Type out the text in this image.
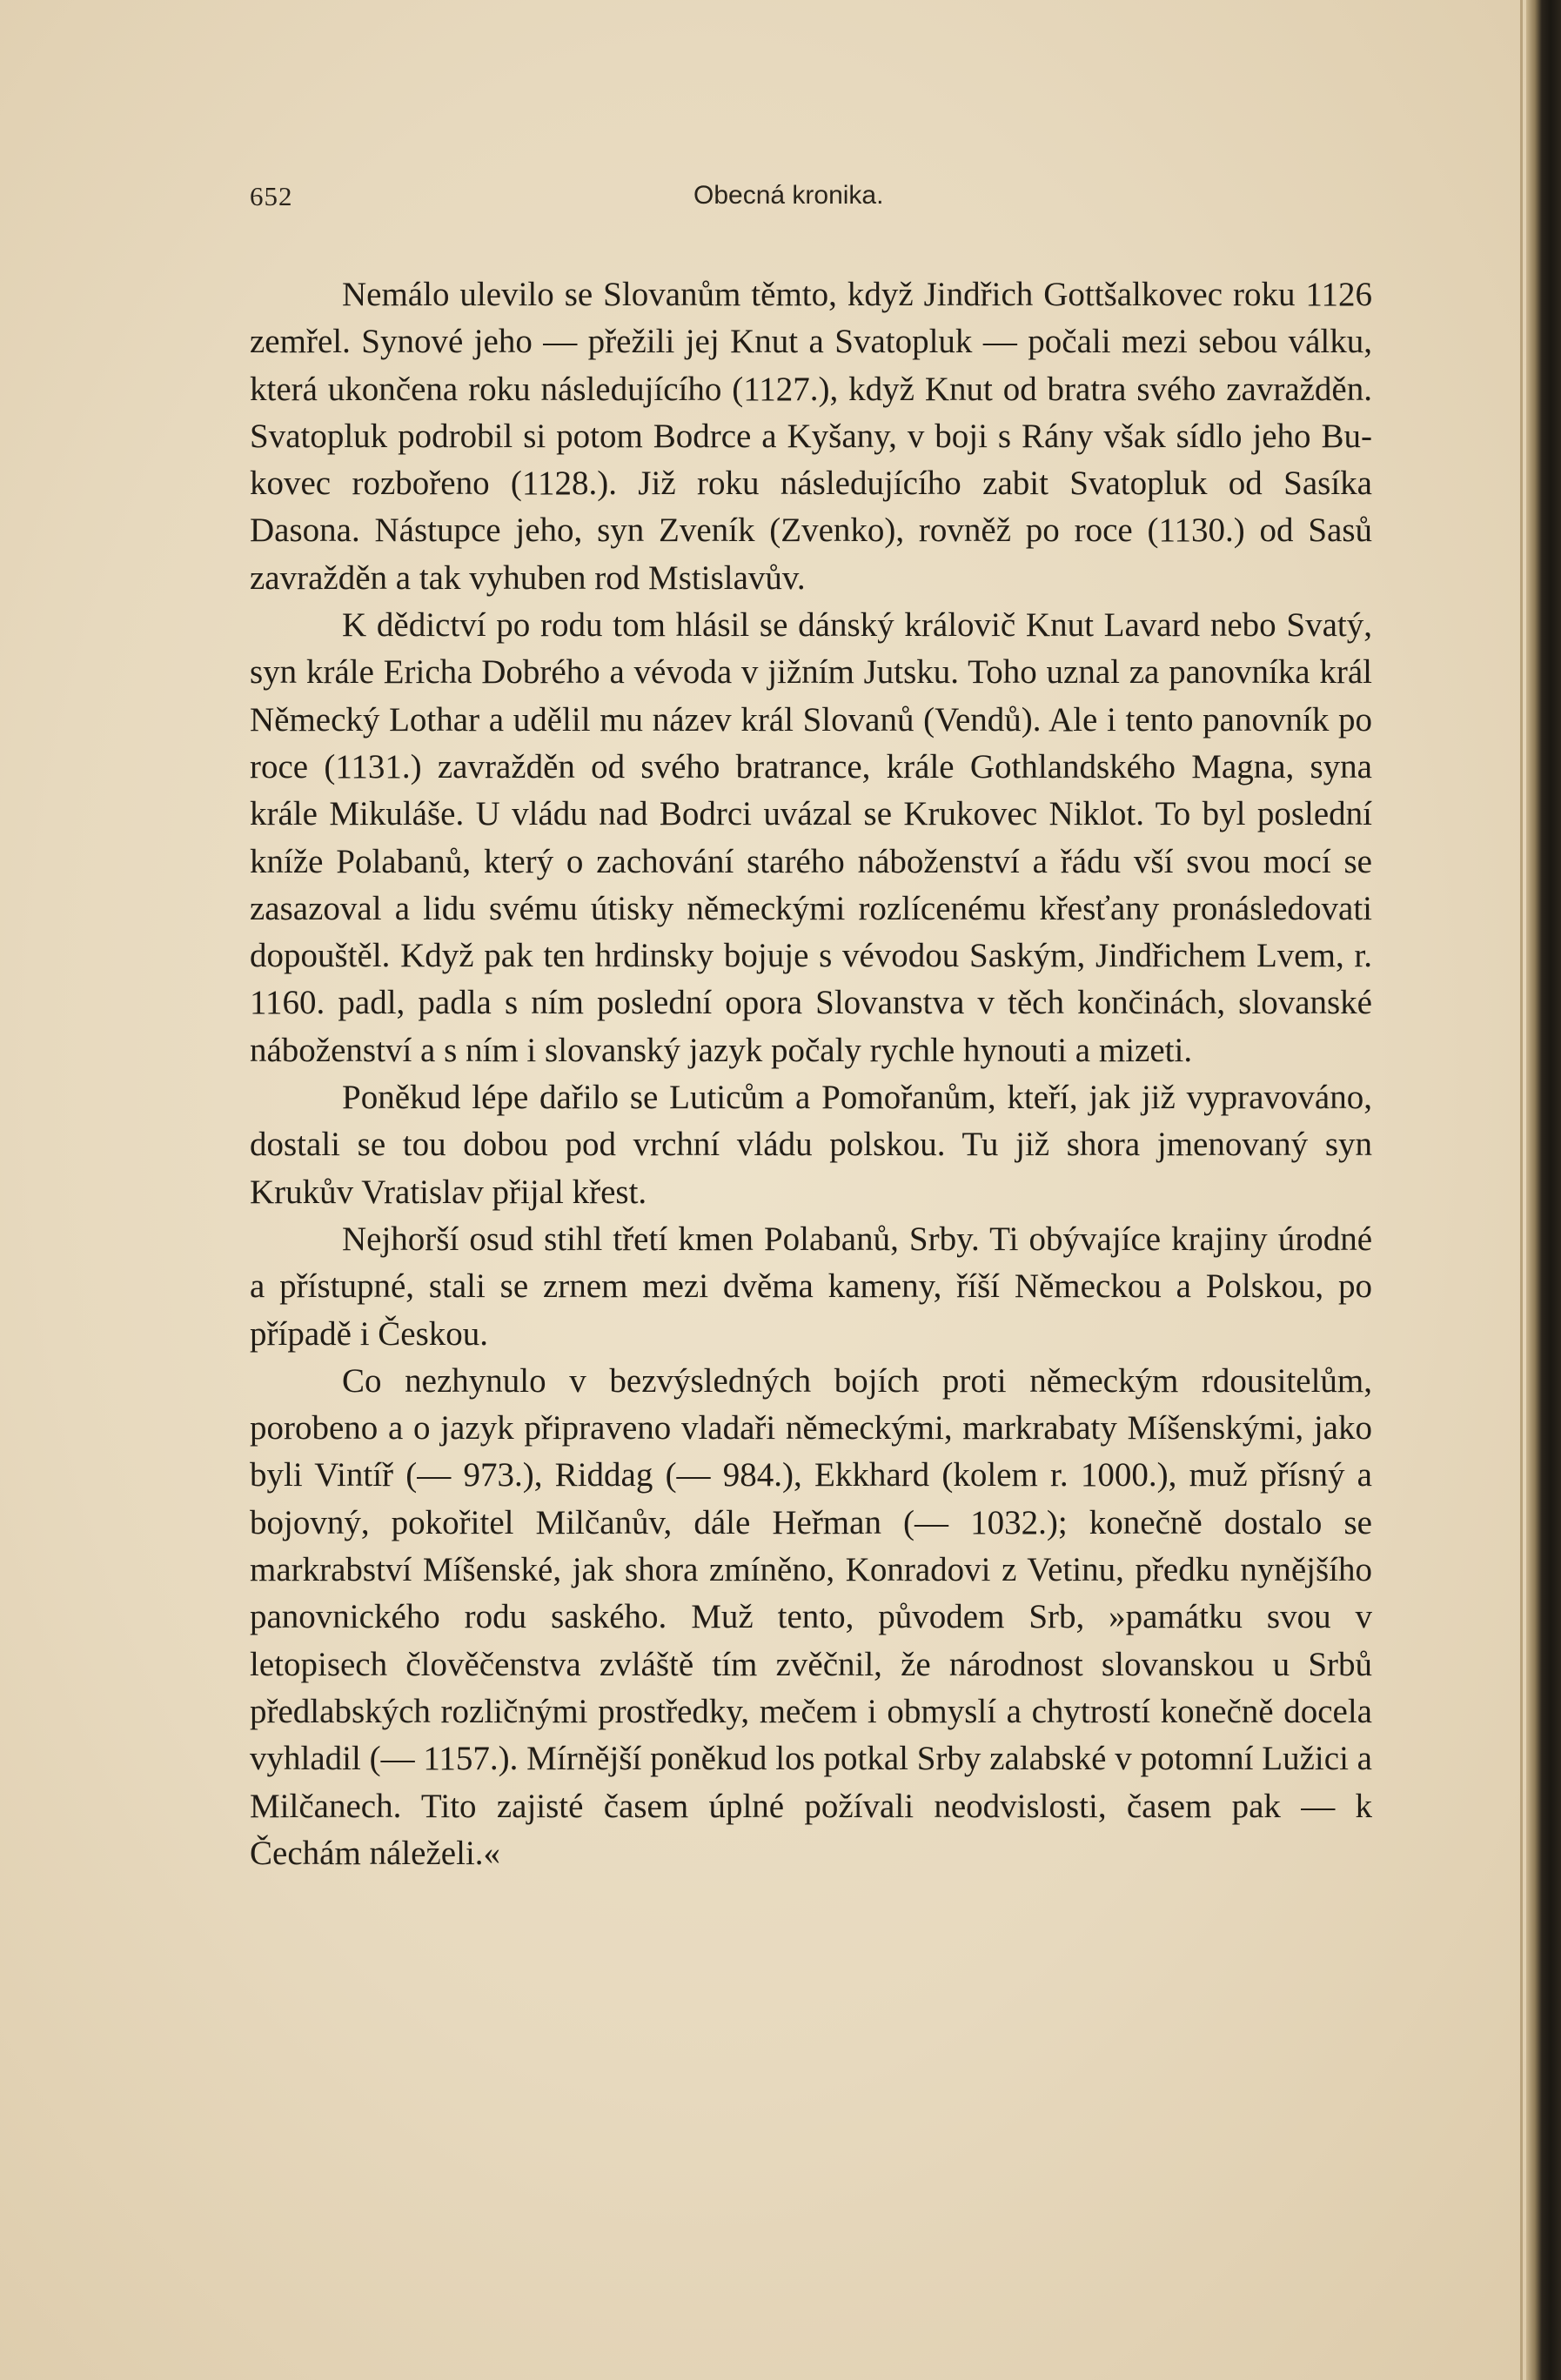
652	Obecná kronika.

Nemálo ulevilo se Slovanům těmto, když Jindřich Gottšalkovec roku 1126 zemřel. Synové jeho — přežili jej Knut a Svatopluk — počali mezi sebou válku, která ukončena roku následujícího (1127.), když Knut od bratra svého zavražděn. Svatopluk podrobil si potom Bodrce a Kyšany, v boji s Rány však sídlo jeho Bukovec rozbořeno (1128.). Již roku následujícího zabit Svatopluk od Sasíka Dasona. Nástupce jeho, syn Zveník (Zvenko), rovněž po roce (1130.) od Sasů zavražděn a tak vyhuben rod Mstislavův.

K dědictví po rodu tom hlásil se dánský královič Knut Lavard nebo Svatý, syn krále Ericha Dobrého a vévoda v jižním Jutsku. Toho uznal za panovníka král Německý Lothar a udělil mu název král Slovanů (Vendů). Ale i tento panovník po roce (1131.) zavražděn od svého bratrance, krále Gothlandského Magna, syna krále Mikuláše. U vládu nad Bodrci uvázal se Krukovec Niklot. To byl poslední kníže Polabanů, který o zachování starého náboženství a řádu vší svou mocí se zasazoval a lidu svému útisky německými rozlícenému křesťany pronásledovati dopouštěl. Když pak ten hrdinsky bojuje s vévodou Saským, Jindřichem Lvem, r. 1160. padl, padla s ním poslední opora Slovanstva v těch končinách, slovanské náboženství a s ním i slovanský jazyk počaly rychle hynouti a mizeti.

Poněkud lépe dařilo se Luticům a Pomořanům, kteří, jak již vypravováno, dostali se tou dobou pod vrchní vládu polskou. Tu již shora jmenovaný syn Krukův Vratislav přijal křest.

Nejhorší osud stihl třetí kmen Polabanů, Srby. Ti obývajíce krajiny úrodné a přístupné, stali se zrnem mezi dvěma kameny, říší Německou a Polskou, po případě i Českou.

Co nezhynulo v bezvýsledných bojích proti německým rdousitelům, porobeno a o jazyk připraveno vladaři německými, markrabaty Míšenskými, jako byli Vintíř (— 973.), Riddag (— 984.), Ekkhard (kolem r. 1000.), muž přísný a bojovný, pokořitel Milčanův, dále Heřman (— 1032.); konečně dostalo se markrabství Míšenské, jak shora zmíněno, Konradovi z Vetinu, předku nynějšího panovnického rodu saského. Muž tento, původem Srb, »památku svou v letopisech člověčenstva zvláště tím zvěčnil, že národnost slovanskou u Srbů předlabských rozličnými prostředky, mečem i obmyslí a chytrostí konečně docela vyhladil (— 1157.). Mírnější poněkud los potkal Srby zalabské v potomní Lužici a Milčanech. Tito zajisté časem úplné požívali neodvislosti, časem pak — k Čechám náleželi.«
